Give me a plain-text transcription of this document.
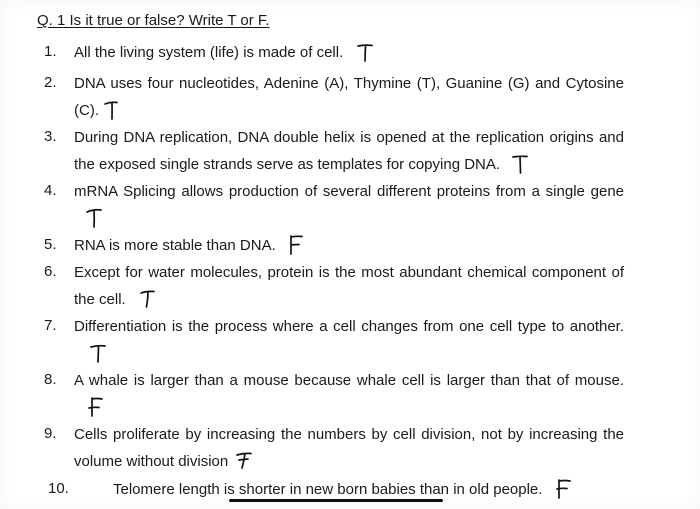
Q. 1 Is it true or false? Write T or F.
1.	All the living system (life) is made of cell.
2.	DNA uses four nucleotides, Adenine (A), Thymine (T), Guanine (G) and Cytosine (C).
3.	During DNA replication, DNA double helix is opened at the replication origins and the exposed single strands serve as templates for copying DNA.
4.	mRNA Splicing allows production of several different proteins from a single gene
5.	RNA is more stable than DNA.
6.	Except for water molecules, protein is the most abundant chemical component of the cell.
7.	Differentiation is the process where a cell changes from one cell type to another.
8.	A whale is larger than a mouse because whale cell is larger than that of mouse.
9.	Cells proliferate by increasing the numbers by cell division, not by increasing the volume without division
10.	Telomere length is shorter in new born babies than in old people.
